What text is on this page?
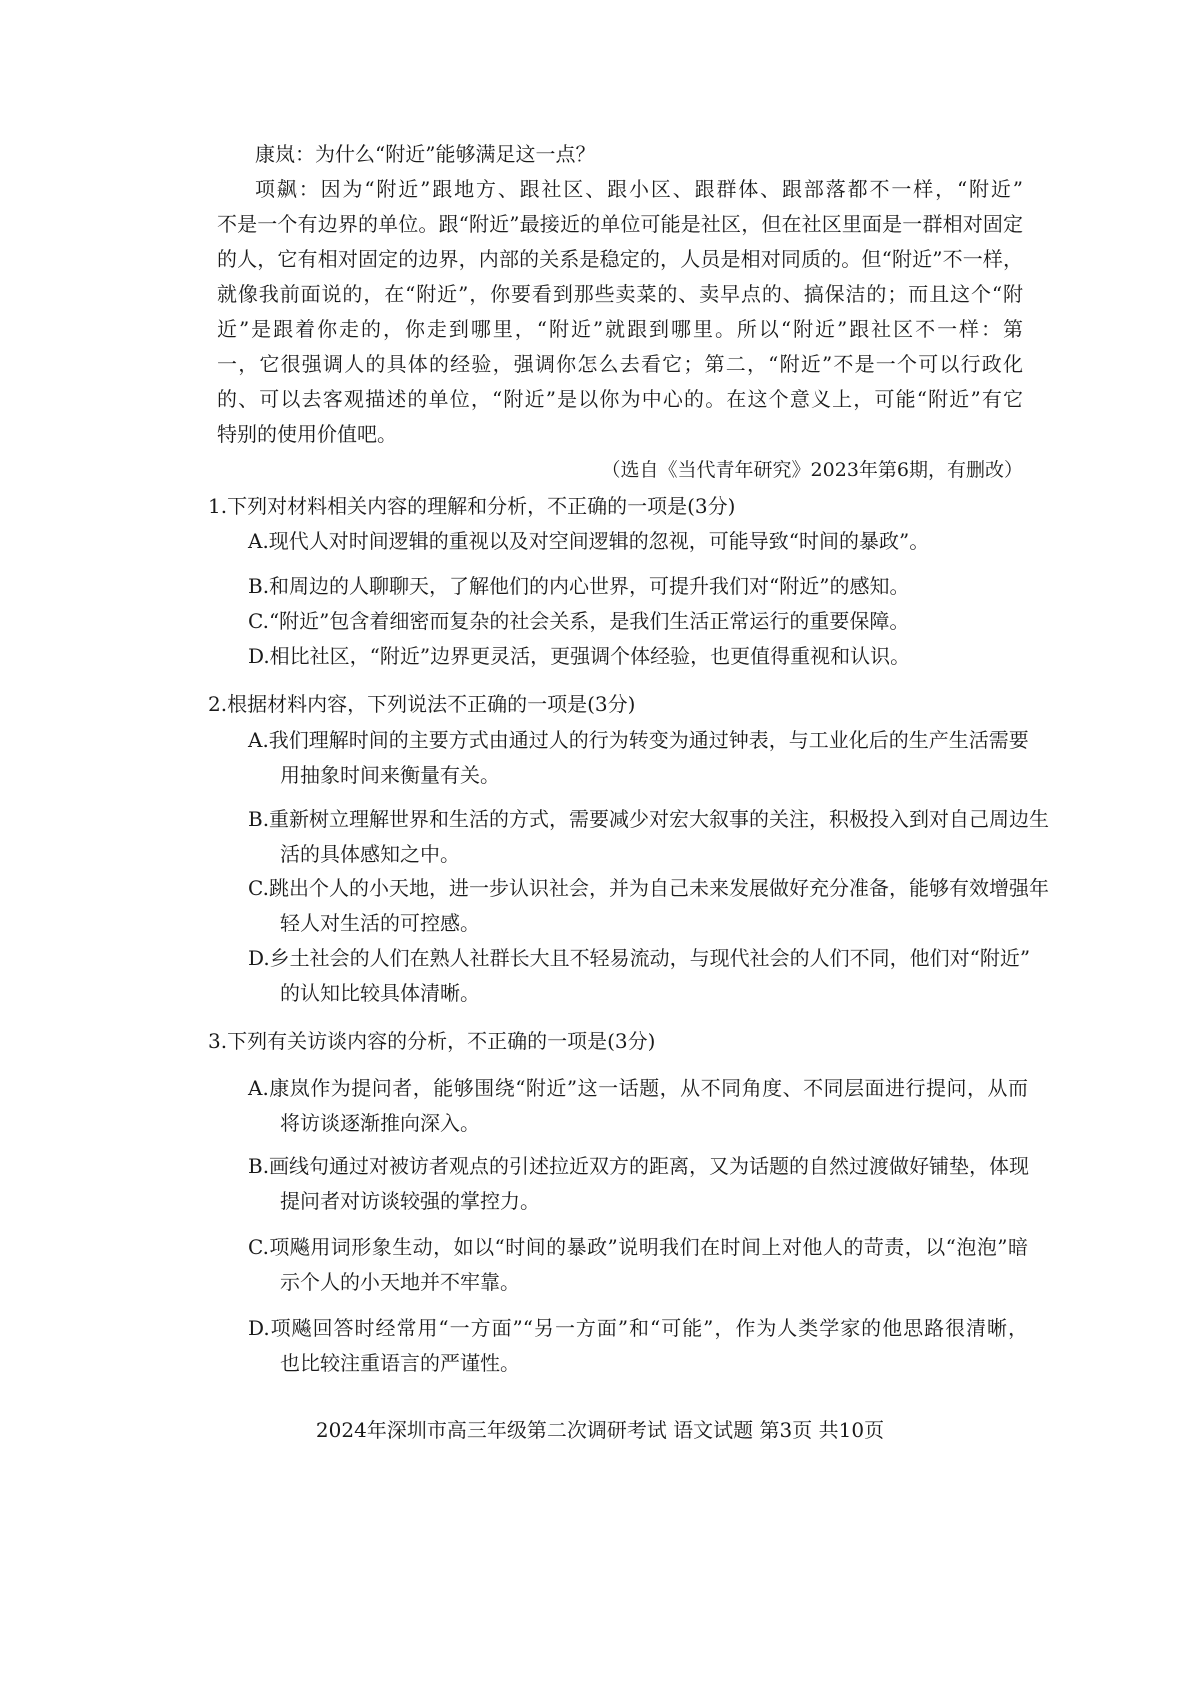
康岚：为什么“附近”能够满足这一点？
项飙：因为“附近”跟地方、跟社区、跟小区、跟群体、跟部落都不一样，“附近”
不是一个有边界的单位。跟“附近”最接近的单位可能是社区，但在社区里面是一群相对固定
的人，它有相对固定的边界，内部的关系是稳定的，人员是相对同质的。但“附近”不一样，
就像我前面说的，在“附近”，你要看到那些卖菜的、卖早点的、搞保洁的；而且这个“附
近”是跟着你走的，你走到哪里，“附近”就跟到哪里。所以“附近”跟社区不一样：第
一，它很强调人的具体的经验，强调你怎么去看它；第二，“附近”不是一个可以行政化
的、可以去客观描述的单位，“附近”是以你为中心的。在这个意义上，可能“附近”有它
特别的使用价值吧。
（选自《当代青年研究》2023年第6期，有删改）
1.下列对材料相关内容的理解和分析，不正确的一项是(3分)
A.现代人对时间逻辑的重视以及对空间逻辑的忽视，可能导致“时间的暴政”。
B.和周边的人聊聊天，了解他们的内心世界，可提升我们对“附近”的感知。
C.“附近”包含着细密而复杂的社会关系，是我们生活正常运行的重要保障。
D.相比社区，“附近”边界更灵活，更强调个体经验，也更值得重视和认识。
2.根据材料内容，下列说法不正确的一项是(3分)
A.我们理解时间的主要方式由通过人的行为转变为通过钟表，与工业化后的生产生活需要
用抽象时间来衡量有关。
B.重新树立理解世界和生活的方式，需要减少对宏大叙事的关注，积极投入到对自己周边生
活的具体感知之中。
C.跳出个人的小天地，进一步认识社会，并为自己未来发展做好充分准备，能够有效增强年
轻人对生活的可控感。
D.乡土社会的人们在熟人社群长大且不轻易流动，与现代社会的人们不同，他们对“附近”
的认知比较具体清晰。
3.下列有关访谈内容的分析，不正确的一项是(3分)
A.康岚作为提问者，能够围绕“附近”这一话题，从不同角度、不同层面进行提问，从而
将访谈逐渐推向深入。
B.画线句通过对被访者观点的引述拉近双方的距离，又为话题的自然过渡做好铺垫，体现
提问者对访谈较强的掌控力。
C.项飚用词形象生动，如以“时间的暴政”说明我们在时间上对他人的苛责，以“泡泡”暗
示个人的小天地并不牢靠。
D.项飚回答时经常用“一方面”“另一方面”和“可能”，作为人类学家的他思路很清晰，
也比较注重语言的严谨性。
2024年深圳市高三年级第二次调研考试 语文试题 第3页 共10页
